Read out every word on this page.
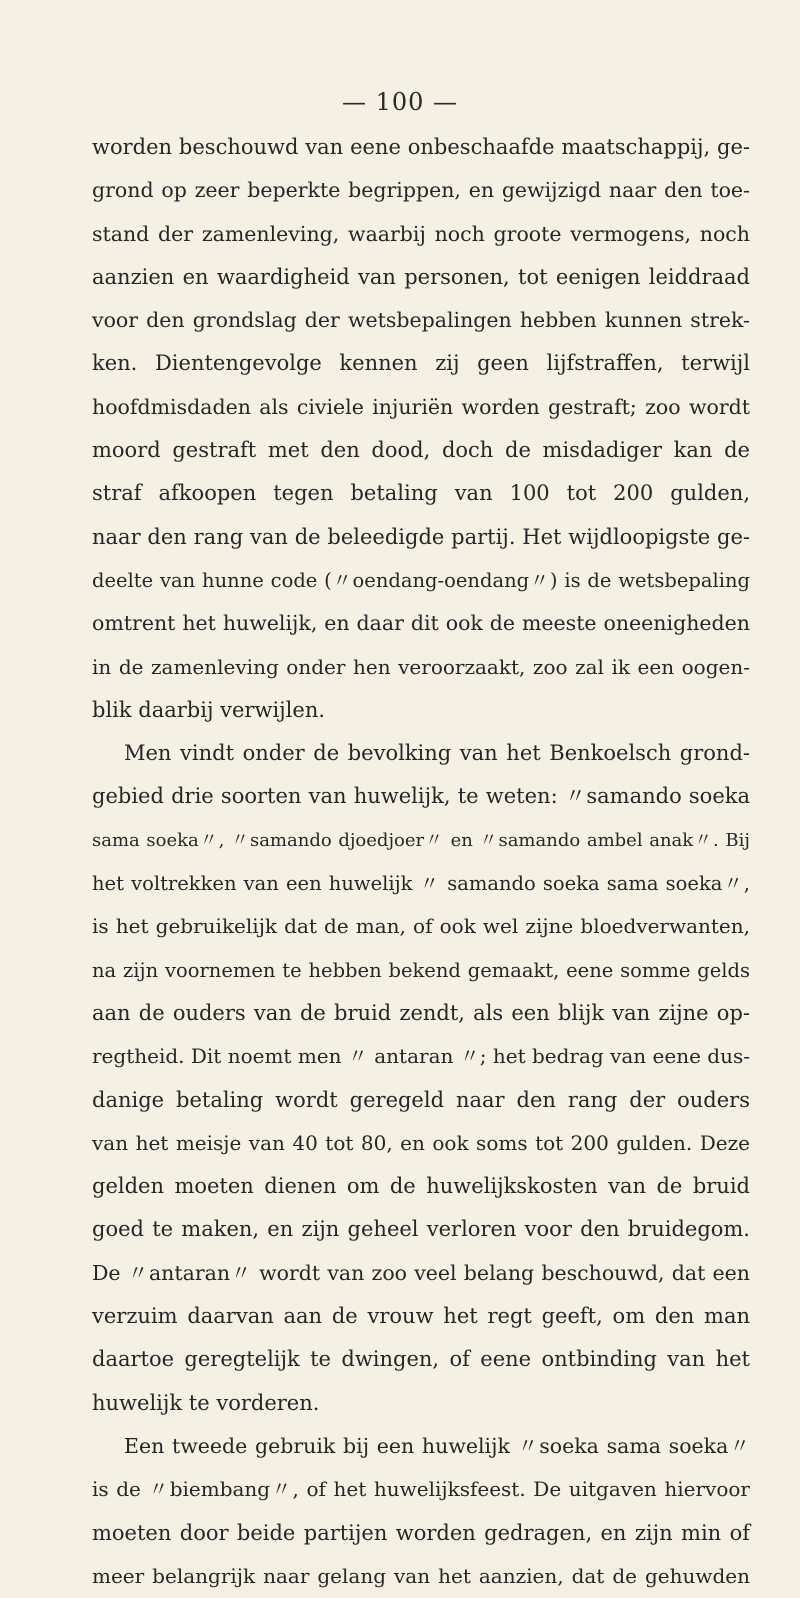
— 100 —
worden beschouwd van eene onbeschaafde maatschappij, ge-
grond op zeer beperkte begrippen, en gewijzigd naar den toe-
stand der zamenleving, waarbij noch groote vermogens, noch
aanzien en waardigheid van personen, tot eenigen leiddraad
voor den grondslag der wetsbepalingen hebben kunnen strek-
ken. Dientengevolge kennen zij geen lijfstraffen, terwijl
hoofdmisdaden als civiele injuriën worden gestraft; zoo wordt
moord gestraft met den dood, doch de misdadiger kan de
straf afkoopen tegen betaling van 100 tot 200 gulden,
naar den rang van de beleedigde partij. Het wijdloopigste ge-
deelte van hunne code (〃oendang-oendang〃) is de wetsbepaling
omtrent het huwelijk, en daar dit ook de meeste oneenigheden
in de zamenleving onder hen veroorzaakt, zoo zal ik een oogen-
blik daarbij verwijlen.
Men vindt onder de bevolking van het Benkoelsch grond-
gebied drie soorten van huwelijk, te weten: 〃samando soeka
sama soeka〃, 〃samando djoedjoer〃 en 〃samando ambel anak〃. Bij
het voltrekken van een huwelijk 〃 samando soeka sama soeka〃,
is het gebruikelijk dat de man, of ook wel zijne bloedverwanten,
na zijn voornemen te hebben bekend gemaakt, eene somme gelds
aan de ouders van de bruid zendt, als een blijk van zijne op-
regtheid. Dit noemt men 〃 antaran 〃; het bedrag van eene dus-
danige betaling wordt geregeld naar den rang der ouders
van het meisje van 40 tot 80, en ook soms tot 200 gulden. Deze
gelden moeten dienen om de huwelijkskosten van de bruid
goed te maken, en zijn geheel verloren voor den bruidegom.
De 〃antaran〃 wordt van zoo veel belang beschouwd, dat een
verzuim daarvan aan de vrouw het regt geeft, om den man
daartoe geregtelijk te dwingen, of eene ontbinding van het
huwelijk te vorderen.
Een tweede gebruik bij een huwelijk 〃soeka sama soeka〃
is de 〃biembang〃, of het huwelijksfeest. De uitgaven hiervoor
moeten door beide partijen worden gedragen, en zijn min of
meer belangrijk naar gelang van het aanzien, dat de gehuwden
